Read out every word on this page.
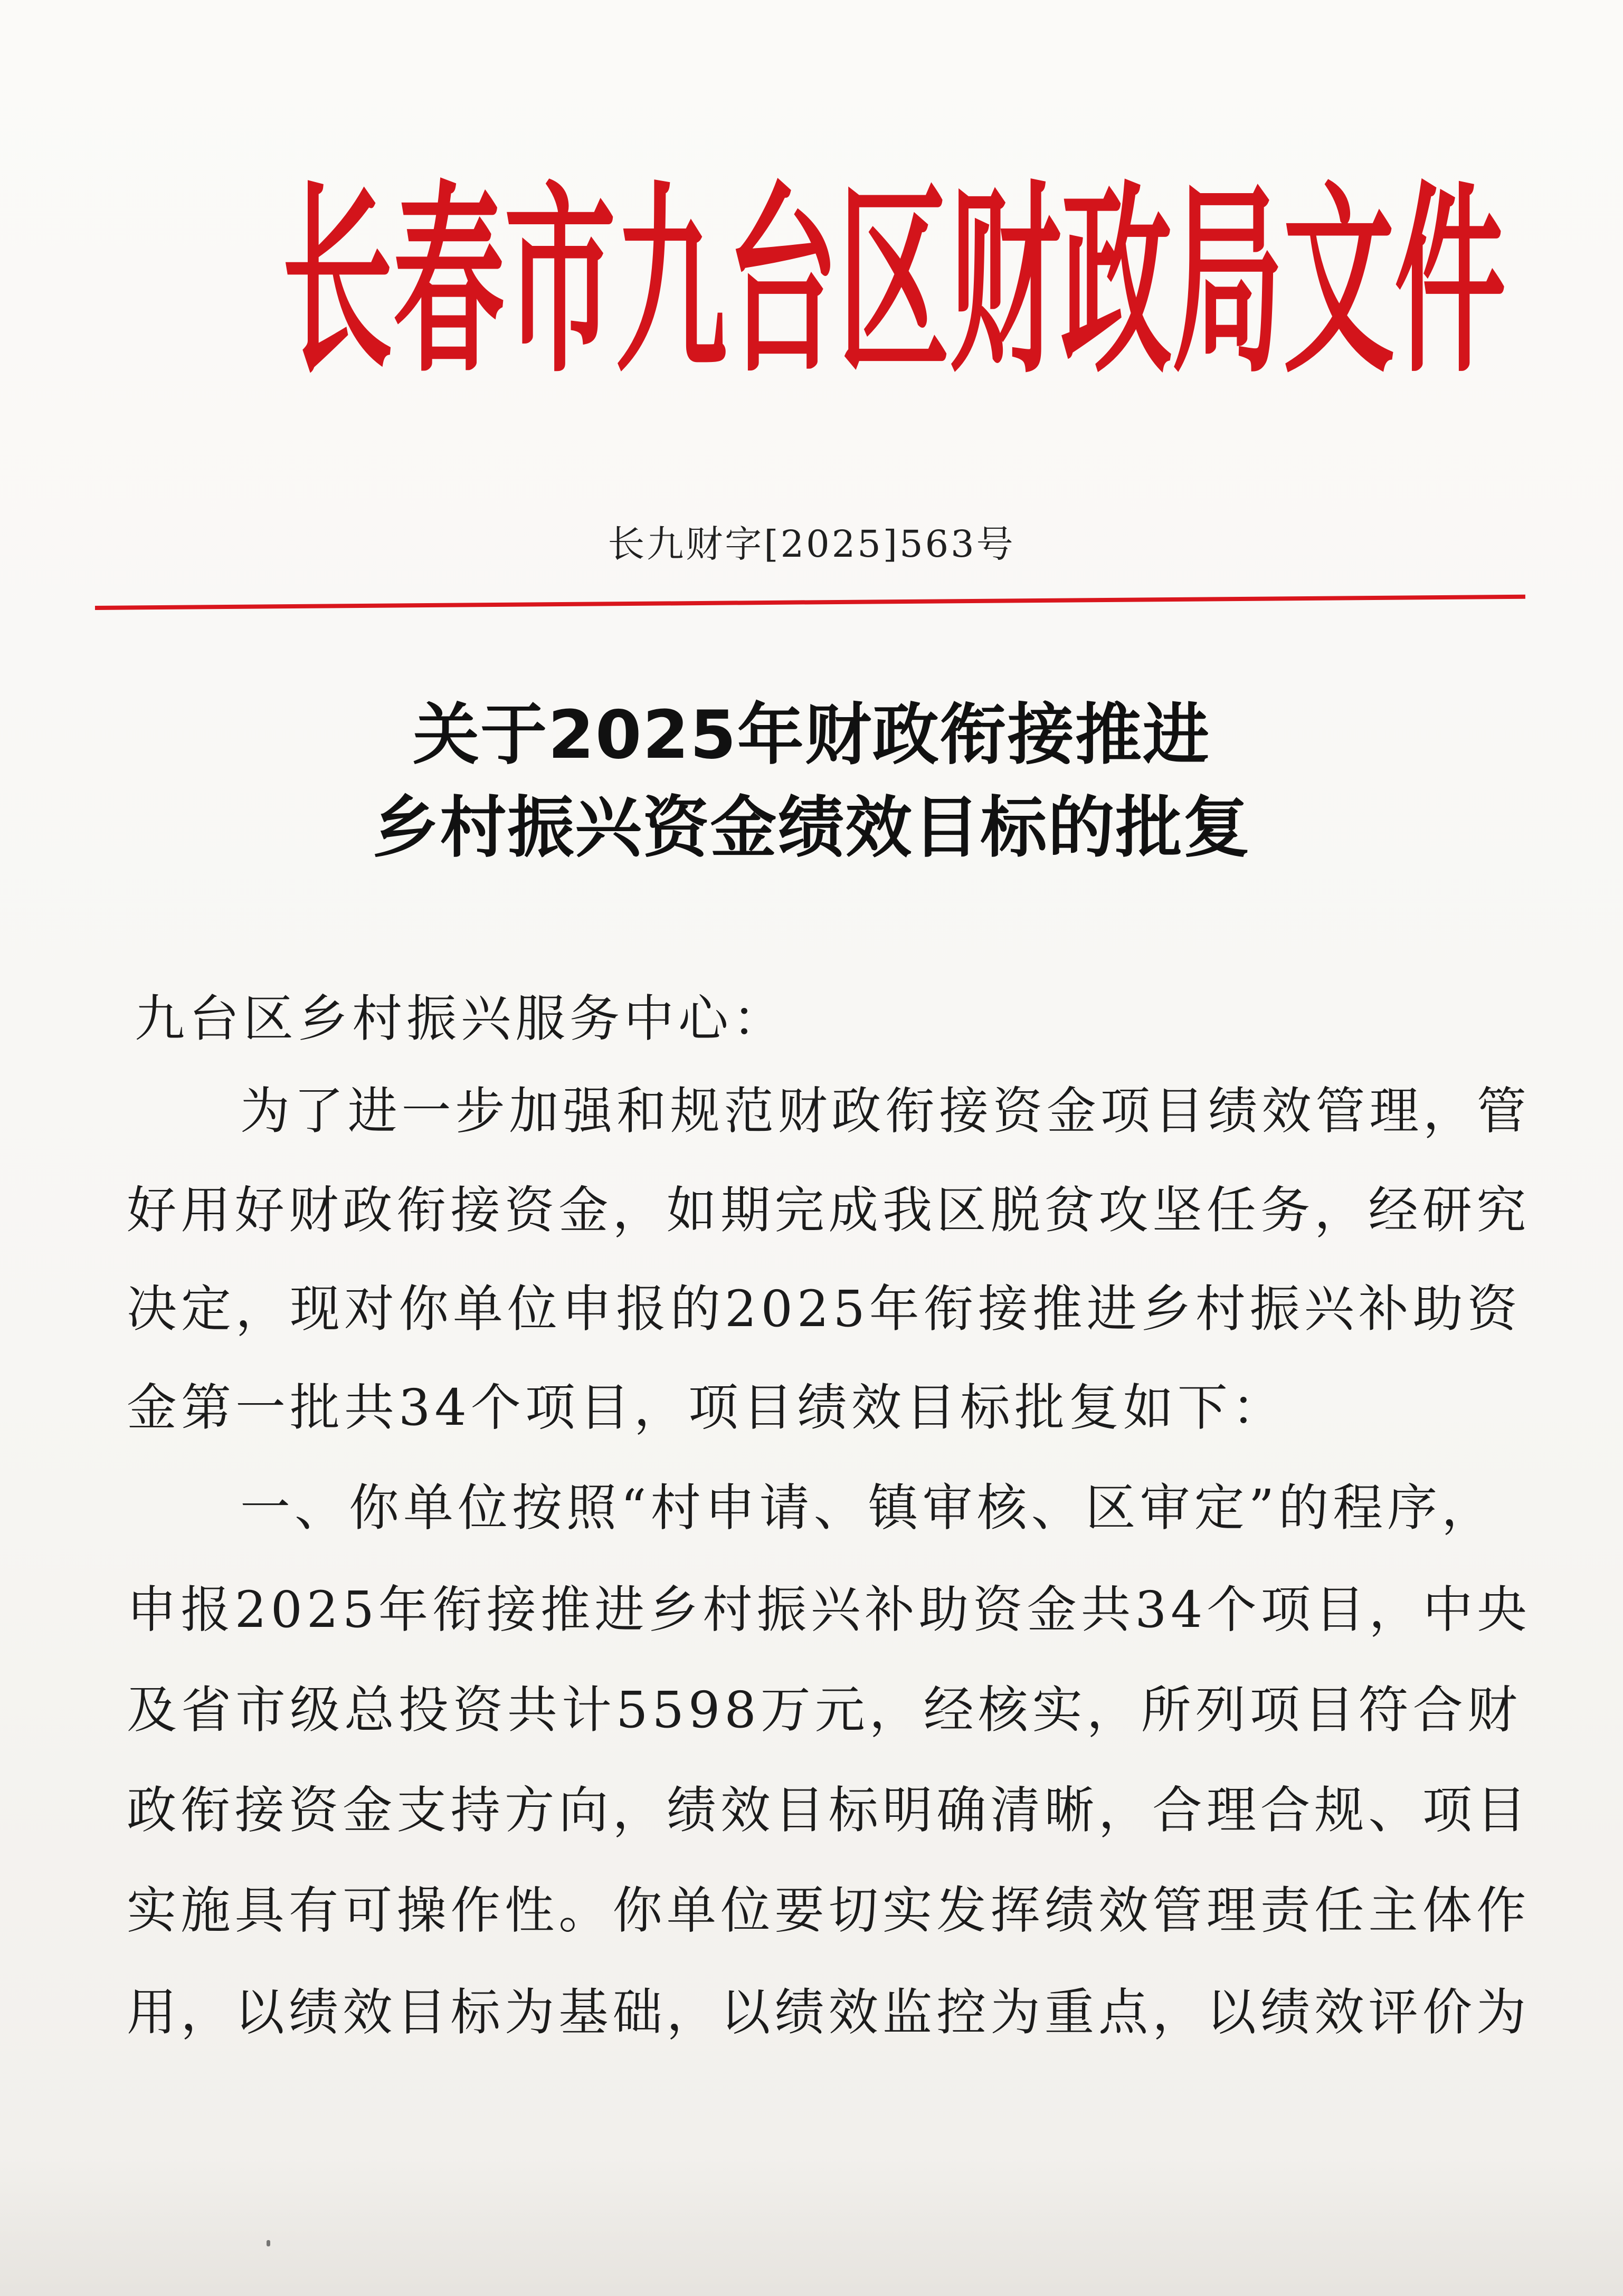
长春市九台区财政局文件
长九财字[2025]563号
关于2025年财政衔接推进
乡村振兴资金绩效目标的批复
九台区乡村振兴服务中心：
为了进一步加强和规范财政衔接资金项目绩效管理，管
好用好财政衔接资金，如期完成我区脱贫攻坚任务，经研究
决定，现对你单位申报的2025年衔接推进乡村振兴补助资
金第一批共34个项目，项目绩效目标批复如下：
一、你单位按照“村申请、镇审核、区审定”的程序，
申报2025年衔接推进乡村振兴补助资金共34个项目，中央
及省市级总投资共计5598万元，经核实，所列项目符合财
政衔接资金支持方向，绩效目标明确清晰，合理合规、项目
实施具有可操作性。你单位要切实发挥绩效管理责任主体作
用，以绩效目标为基础，以绩效监控为重点，以绩效评价为
